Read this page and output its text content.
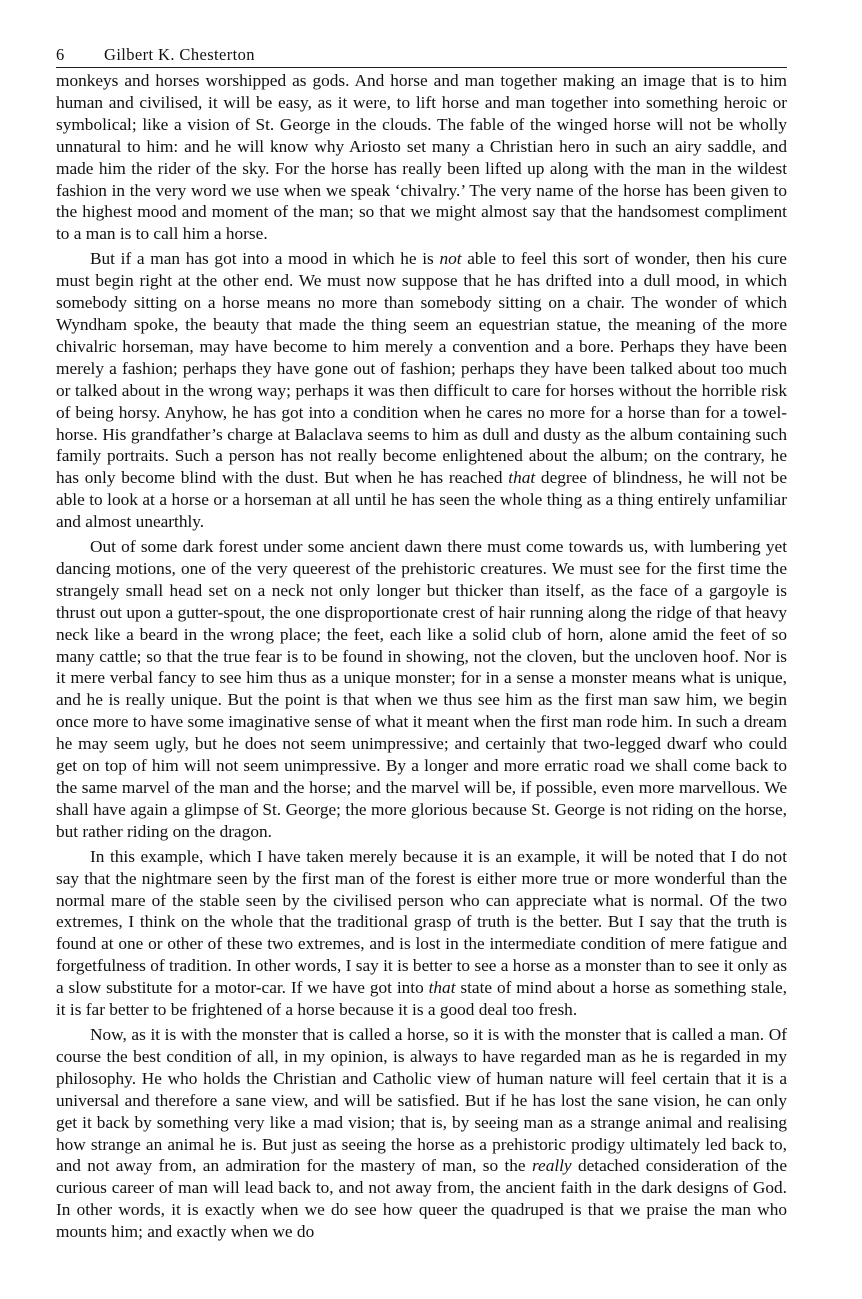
6	Gilbert K. Chesterton

monkeys and horses worshipped as gods. And horse and man together making an image that is to him human and civilised, it will be easy, as it were, to lift horse and man together into something heroic or symbolical; like a vision of St. George in the clouds. The fable of the winged horse will not be wholly unnatural to him: and he will know why Ariosto set many a Christian hero in such an airy saddle, and made him the rider of the sky. For the horse has really been lifted up along with the man in the wildest fashion in the very word we use when we speak ‘chivalry.’ The very name of the horse has been given to the highest mood and moment of the man; so that we might almost say that the handsomest compliment to a man is to call him a horse.

But if a man has got into a mood in which he is not able to feel this sort of wonder, then his cure must begin right at the other end. We must now suppose that he has drifted into a dull mood, in which somebody sitting on a horse means no more than somebody sitting on a chair. The wonder of which Wyndham spoke, the beauty that made the thing seem an equestrian statue, the meaning of the more chivalric horseman, may have become to him merely a convention and a bore. Perhaps they have been merely a fashion; perhaps they have gone out of fashion; perhaps they have been talked about too much or talked about in the wrong way; perhaps it was then difficult to care for horses without the horrible risk of being horsy. Anyhow, he has got into a condition when he cares no more for a horse than for a towel-horse. His grandfather’s charge at Balaclava seems to him as dull and dusty as the album containing such family portraits. Such a person has not really become enlightened about the album; on the contrary, he has only become blind with the dust. But when he has reached that degree of blindness, he will not be able to look at a horse or a horseman at all until he has seen the whole thing as a thing entirely unfamiliar and almost unearthly.

Out of some dark forest under some ancient dawn there must come towards us, with lumbering yet dancing motions, one of the very queerest of the prehistoric creatures. We must see for the first time the strangely small head set on a neck not only longer but thicker than itself, as the face of a gargoyle is thrust out upon a gutter-spout, the one disproportionate crest of hair running along the ridge of that heavy neck like a beard in the wrong place; the feet, each like a solid club of horn, alone amid the feet of so many cattle; so that the true fear is to be found in showing, not the cloven, but the uncloven hoof. Nor is it mere verbal fancy to see him thus as a unique monster; for in a sense a monster means what is unique, and he is really unique. But the point is that when we thus see him as the first man saw him, we begin once more to have some imaginative sense of what it meant when the first man rode him. In such a dream he may seem ugly, but he does not seem unimpressive; and certainly that two-legged dwarf who could get on top of him will not seem unimpressive. By a longer and more erratic road we shall come back to the same marvel of the man and the horse; and the marvel will be, if possible, even more marvellous. We shall have again a glimpse of St. George; the more glorious because St. George is not riding on the horse, but rather riding on the dragon.

In this example, which I have taken merely because it is an example, it will be noted that I do not say that the nightmare seen by the first man of the forest is either more true or more wonderful than the normal mare of the stable seen by the civilised person who can appreciate what is normal. Of the two extremes, I think on the whole that the traditional grasp of truth is the better. But I say that the truth is found at one or other of these two extremes, and is lost in the intermediate condition of mere fatigue and forgetfulness of tradition. In other words, I say it is better to see a horse as a monster than to see it only as a slow substitute for a motor-car. If we have got into that state of mind about a horse as something stale, it is far better to be frightened of a horse because it is a good deal too fresh.

Now, as it is with the monster that is called a horse, so it is with the monster that is called a man. Of course the best condition of all, in my opinion, is always to have regarded man as he is regarded in my philosophy. He who holds the Christian and Catholic view of human nature will feel certain that it is a universal and therefore a sane view, and will be satisfied. But if he has lost the sane vision, he can only get it back by something very like a mad vision; that is, by seeing man as a strange animal and realising how strange an animal he is. But just as seeing the horse as a prehistoric prodigy ultimately led back to, and not away from, an admiration for the mastery of man, so the really detached consideration of the curious career of man will lead back to, and not away from, the ancient faith in the dark designs of God. In other words, it is exactly when we do see how queer the quadruped is that we praise the man who mounts him; and exactly when we do
